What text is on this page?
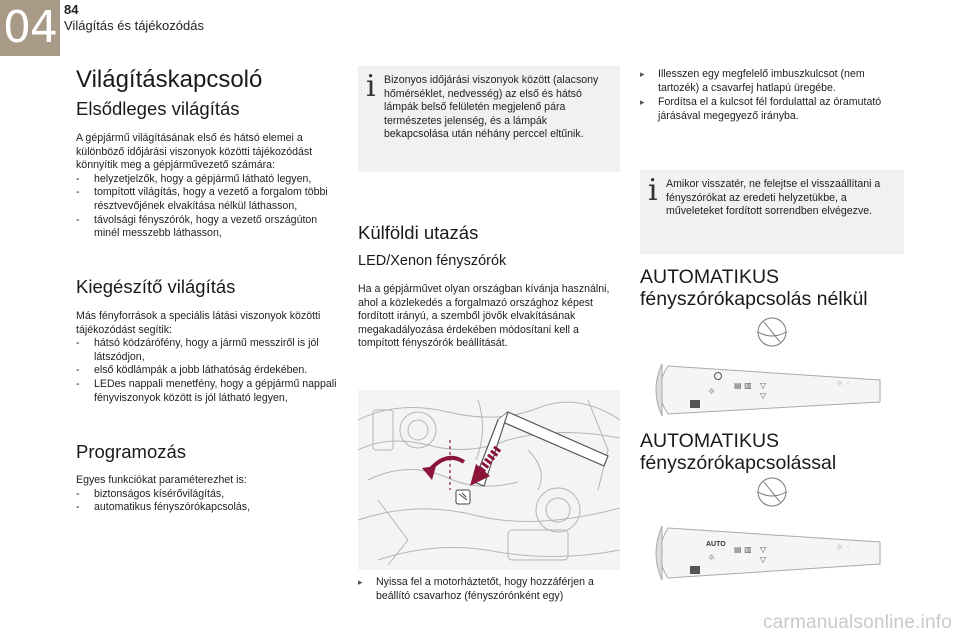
04 84
Világítás és tájékozódás
Világításkapcsoló
Elsődleges világítás

A gépjármű világításának első és hátsó elemei a különböző időjárási viszonyok közötti tájékozódást könnyítik meg a gépjárművezető számára:

- helyzetjelzők, hogy a gépjármű látható legyen,
- tompított világítás, hogy a vezető a forgalom többi résztvevőjének elvakítása nélkül láthasson,
- távolsági fényszórók, hogy a vezető országúton minél messzebb láthasson,
Kiegészítő világítás

Más fényforrások a speciális látási viszonyok közötti tájékozódást segítik:

- hátsó ködzárófény, hogy a jármű messziről is jól látszódjon,
- első ködlámpák a jobb láthatóság érdekében.
- LEDes nappali menetfény, hogy a gépjármű nappali fényviszonyok között is jól látható legyen,
Programozás

Egyes funkciókat paraméterezhet is:

- biztonságos kísérővilágítás,
- automatikus fényszórókapcsolás,
i Bizonyos időjárási viszonyok között (alacsony hőmérséklet, nedvesség) az első és hátsó lámpák belső felületén megjelenő pára természetes jelenség, és a lámpák bekapcsolása után néhány perccel eltűnik.
Külföldi utazás
LED/Xenon fényszórók
Ha a gépjárművet olyan országban kívánja használni, ahol a közlekedés a forgalmazó országhoz képest fordított irányú, a szemből jövők elvakításának megakadályozása érdekében módosítani kell a tompított fényszórók beállítását.
▸ Nyissa fel a motorháztetőt, hogy hozzáférjen a beállító csavarhoz (fényszórónként egy)
▸ Illesszen egy megfelelő imbuszkulcsot (nem tartozék) a csavarfej hatlapú üregébe.
▸ Fordítsa el a kulcsot fél fordulattal az óramutató járásával megegyező irányba.
i Amikor visszatér, ne felejtse el visszaállítani a fényszórókat az eredeti helyzetükbe, a műveleteket fordított sorrendben elvégezve.
AUTOMATIKUS fényszórókapcsolás nélkül
☼
▤ ▥ ▽
▽
☼ ◦
AUTOMATIKUS fényszórókapcsolással
AUTO
☼
▤ ▥ ▽
▽
☼ ◦
carmanualsonline.info
